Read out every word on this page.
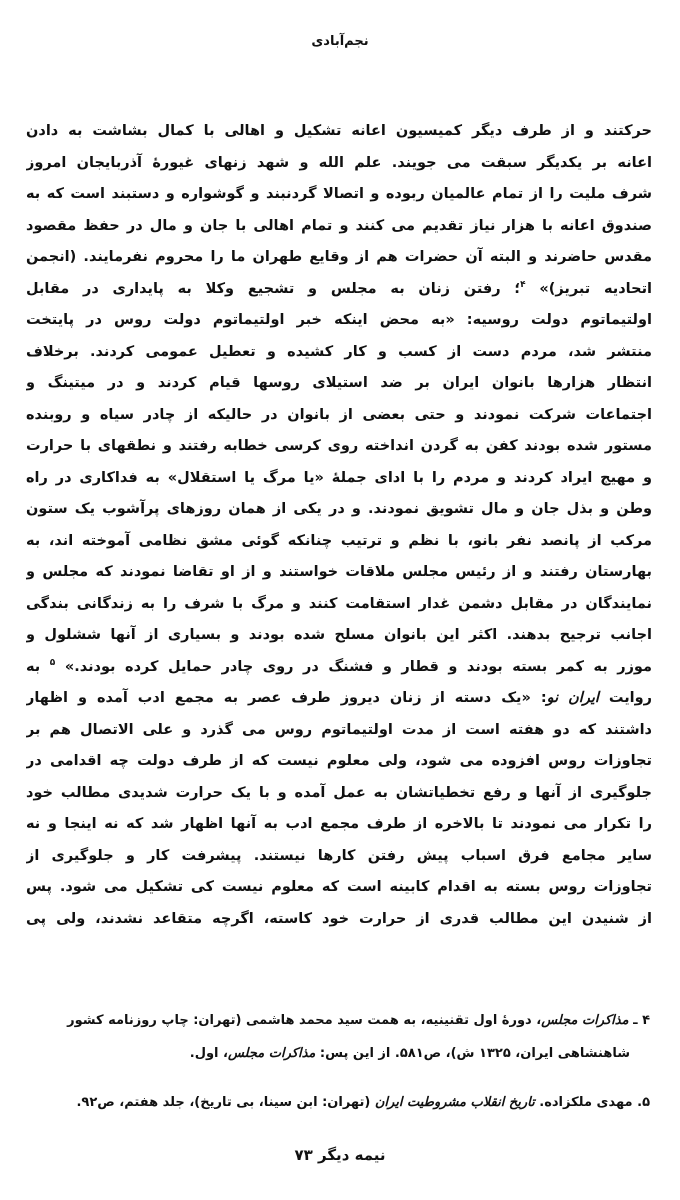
نجم‌آبادی
حرکتند و از طرف دیگر کمیسیون اعانه تشکیل و اهالی با کمال بشاشت به دادن
اعانه بر یکدیگر سبقت می جویند. علم الله و شهد زنهای غیورهٔ آذربایجان امروز
شرف ملیت را از تمام عالمیان ربوده و اتصالا گردنبند و گوشواره و دستبند است که به
صندوق اعانه با هزار نیاز تقدیم می کنند و تمام اهالی با جان و مال در حفظ مقصود
مقدس حاضرند و البته آن حضرات هم از وقایع طهران ما را محروم نفرمایند. (انجمن
اتحادیه تبریز)» $^۴$؛ رفتن زنان به مجلس و تشجیع وکلا به پایداری در مقابل
اولتیماتوم دولت روسیه: «به محض اینکه خبر اولتیماتوم دولت روس در پایتخت
منتشر شد، مردم دست از کسب و کار کشیده و تعطیل عمومی کردند. برخلاف
انتظار هزارها بانوان ایران بر ضد استیلای روسها قیام کردند و در میتینگ و
اجتماعات شرکت نمودند و حتی بعضی از بانوان در حالیکه از چادر سیاه و روبنده
مستور شده بودند کفن به گردن انداخته روی کرسی خطابه رفتند و نطقهای با حرارت
و مهیج ایراد کردند و مردم را با ادای جملهٔ «یا مرگ یا استقلال» به فداکاری در راه
وطن و بذل جان و مال تشویق نمودند. و در یکی از همان روزهای پرآشوب یک ستون
مرکب از پانصد نفر بانو، با نظم و ترتیب چنانکه گوئی مشق نظامی آموخته اند، به
بهارستان رفتند و از رئیس مجلس ملاقات خواستند و از او تقاضا نمودند که مجلس و
نمایندگان در مقابل دشمن غدار استقامت کنند و مرگ با شرف را به زندگانی بندگی
اجانب ترجیح بدهند. اکثر این بانوان مسلح شده بودند و بسیاری از آنها ششلول و
موزر به کمر بسته بودند و قطار و فشنگ در روی چادر حمایل کرده بودند.» $^۵$ به
روایت ایران نو: «یک دسته از زنان دیروز طرف عصر به مجمع ادب آمده و اظهار
داشتند که دو هفته است از مدت اولتیماتوم روس می گذرد و علی الاتصال هم بر
تجاوزات روس افزوده می شود، ولی معلوم نیست که از طرف دولت چه اقدامی در
جلوگیری از آنها و رفع تخطیاتشان به عمل آمده و با یک حرارت شدیدی مطالب خود
را تکرار می نمودند تا بالاخره از طرف مجمع ادب به آنها اظهار شد که نه اینجا و نه
سایر مجامع فرق اسباب پیش رفتن کارها نیستند. پیشرفت کار و جلوگیری از
تجاوزات روس بسته به اقدام کابینه است که معلوم نیست کی تشکیل می شود. پس
از شنیدن این مطالب قدری از حرارت خود کاسته، اگرچه متقاعد نشدند، ولی پی
۴ ـ مذاکرات مجلس، دورهٔ اول تقنینیه، به همت سید محمد هاشمی (تهران: چاپ روزنامه کشور
شاهنشاهی ایران، ۱۳۲۵ ش)، ص۵۸۱. از این پس: مذاکرات مجلس، اول.
۵. مهدی ملکزاده. تاریخ انقلاب مشروطیت ایران (تهران: ابن سینا، بی تاریخ)، جلد هفتم، ص۹۲.
نیمه دیگر ۷۳
